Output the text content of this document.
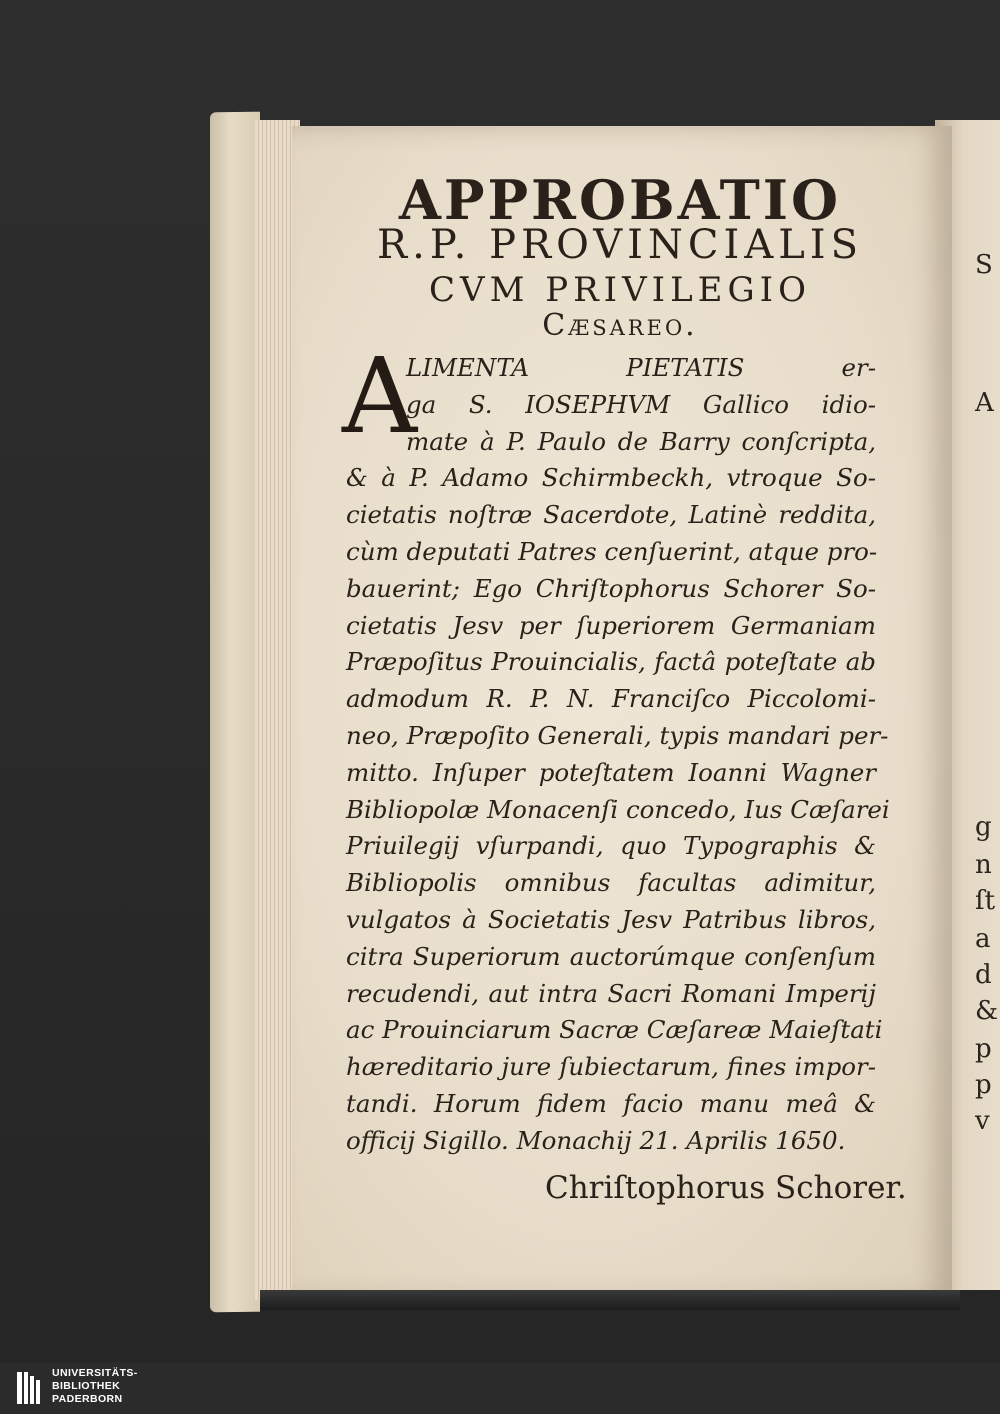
S
A
g
n
ſt
a
d
&
p
p
v
APPROBATIO
R.P. PROVINCIALIS
CVM PRIVILEGIO
Cæsareo.
A
LIMENTA PIETATIS er-
ga S. IOSEPHVM Gallico idio-
mate à P. Paulo de Barry conſcripta,
& à P. Adamo Schirmbeckh, vtroque So-
cietatis noſtræ Sacerdote, Latinè reddita,
cùm deputati Patres cenſuerint, atque pro-
bauerint; Ego Chriſtophorus Schorer So-
cietatis Jesv per ſuperiorem Germaniam
Præpoſitus Prouincialis, factâ poteſtate ab
admodum R. P. N. Franciſco Piccolomi-
neo, Præpoſito Generali, typis mandari per-
mitto. Inſuper poteſtatem Ioanni Wagner
Bibliopolæ Monacenſi concedo, Ius Cæſarei
Priuilegij vſurpandi, quo Typographis &
Bibliopolis omnibus facultas adimitur,
vulgatos à Societatis Jesv Patribus libros,
citra Superiorum auctorúmque conſenſum
recudendi, aut intra Sacri Romani Imperij
ac Prouinciarum Sacræ Cæſareæ Maieſtati
hæreditario jure ſubiectarum, fines impor-
tandi. Horum fidem facio manu meâ &
officij Sigillo. Monachij 21. Aprilis 1650.
Chriſtophorus Schorer.
UNIVERSITÄTS-
BIBLIOTHEK
PADERBORN
